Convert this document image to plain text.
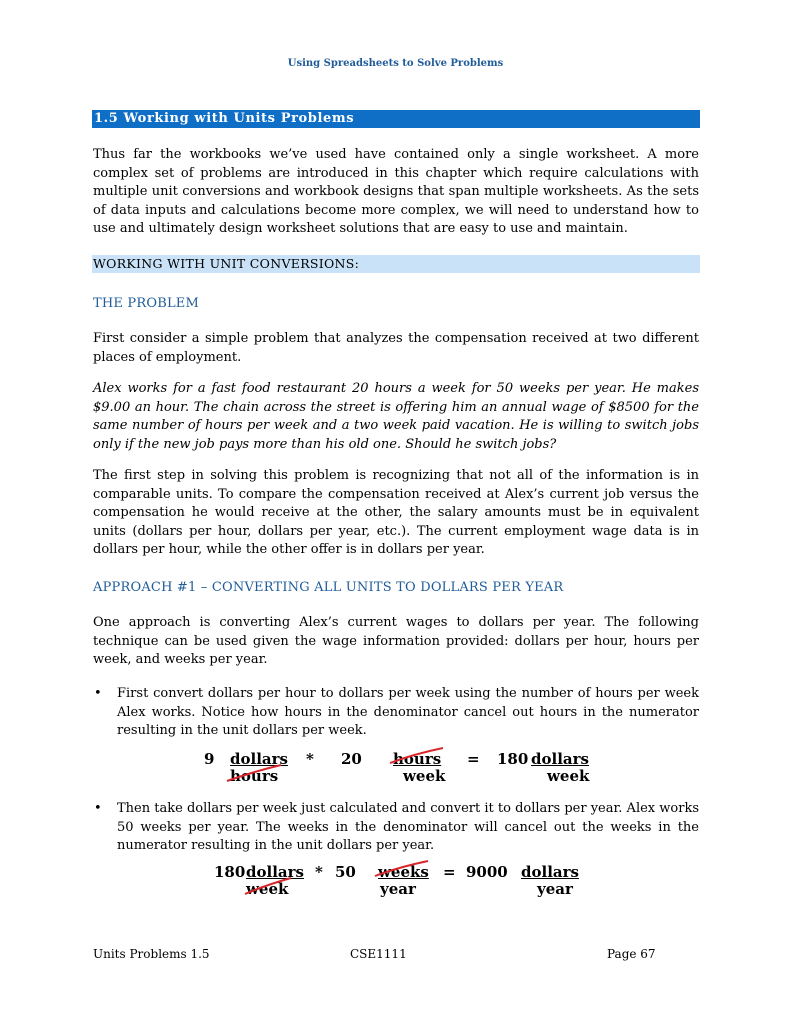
Using Spreadsheets to Solve Problems
1.5 Working with Units Problems

Thus far the workbooks we’ve used have contained only a single worksheet. A more complex set of problems are introduced in this chapter which require calculations with multiple unit conversions and workbook designs that span multiple worksheets. As the sets of data inputs and calculations become more complex, we will need to understand how to use and ultimately design worksheet solutions that are easy to use and maintain.

WORKING WITH UNIT CONVERSIONS:
THE PROBLEM

First consider a simple problem that analyzes the compensation received at two different places of employment.

Alex works for a fast food restaurant 20 hours a week for 50 weeks per year. He makes $9.00 an hour. The chain across the street is offering him an annual wage of $8500 for the same number of hours per week and a two week paid vacation. He is willing to switch jobs only if the new job pays more than his old one. Should he switch jobs?

The first step in solving this problem is recognizing that not all of the information is in comparable units. To compare the compensation received at Alex’s current job versus the compensation he would receive at the other, the salary amounts must be in equivalent units (dollars per hour, dollars per year, etc.). The current employment wage data is in dollars per hour, while the other offer is in dollars per year.

APPROACH #1 – CONVERTING ALL UNITS TO DOLLARS PER YEAR

One approach is converting Alex’s current wages to dollars per year. The following technique can be used given the wage information provided: dollars per hour, hours per week, and weeks per year.

• First convert dollars per hour to dollars per week using the number of hours per week Alex works. Notice how hours in the denominator cancel out hours in the numerator resulting in the unit dollars per week.

9 dollars
hours
* 20 hours
week
= 180 dollars
week
• Then take dollars per week just calculated and convert it to dollars per year. Alex works 50 weeks per year. The weeks in the denominator will cancel out the weeks in the numerator resulting in the unit dollars per year.

180 dollars
week
* 50 weeks
year
= 9000 dollars
year
Units Problems 1.5	CSE1111	Page 67
